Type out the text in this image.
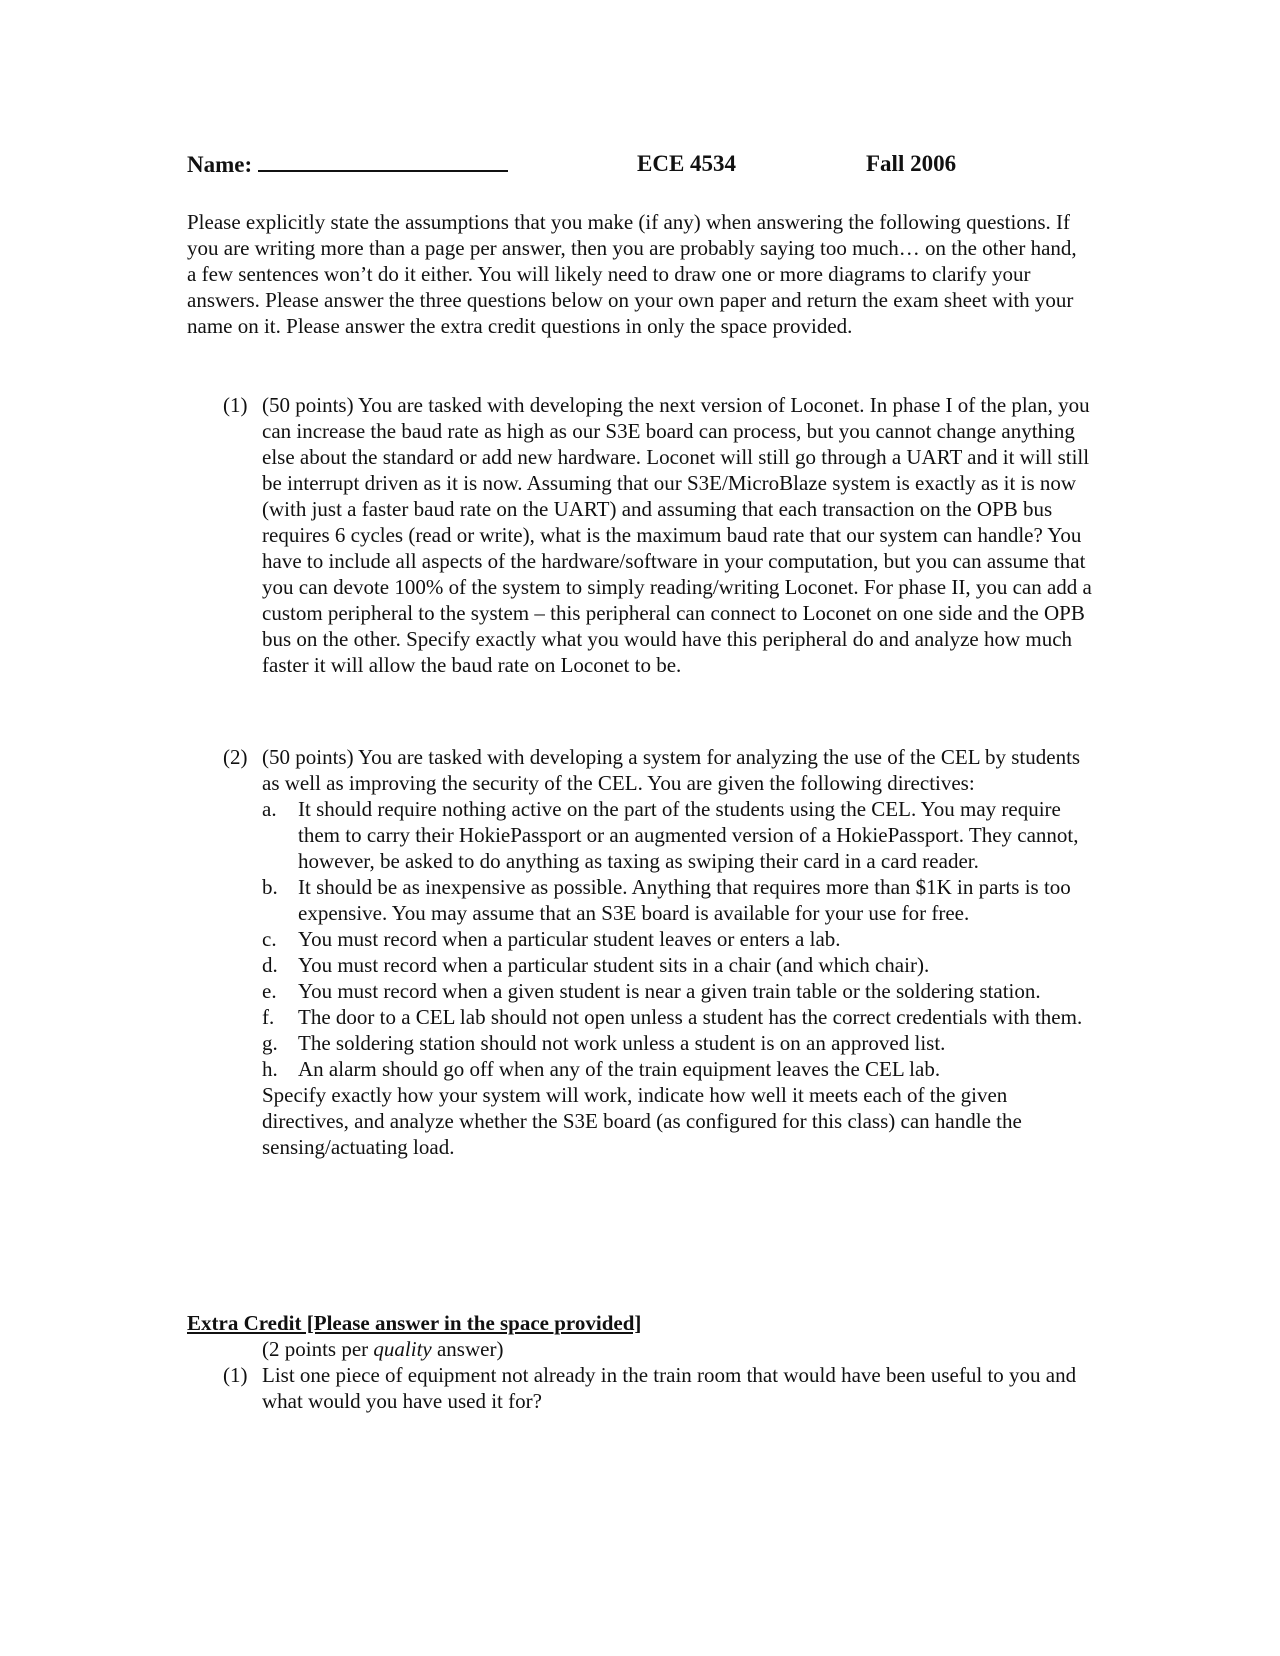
Name:	ECE 4534	Fall 2006

Please explicitly state the assumptions that you make (if any) when answering the following questions. If you are writing more than a page per answer, then you are probably saying too much… on the other hand, a few sentences won’t do it either. You will likely need to draw one or more diagrams to clarify your answers. Please answer the three questions below on your own paper and return the exam sheet with your name on it. Please answer the extra credit questions in only the space provided.

(1) (50 points) You are tasked with developing the next version of Loconet. In phase I of the plan, you can increase the baud rate as high as our S3E board can process, but you cannot change anything else about the standard or add new hardware. Loconet will still go through a UART and it will still be interrupt driven as it is now. Assuming that our S3E/MicroBlaze system is exactly as it is now (with just a faster baud rate on the UART) and assuming that each transaction on the OPB bus requires 6 cycles (read or write), what is the maximum baud rate that our system can handle? You have to include all aspects of the hardware/software in your computation, but you can assume that you can devote 100% of the system to simply reading/writing Loconet. For phase II, you can add a custom peripheral to the system – this peripheral can connect to Loconet on one side and the OPB bus on the other. Specify exactly what you would have this peripheral do and analyze how much faster it will allow the baud rate on Loconet to be.

(2) (50 points) You are tasked with developing a system for analyzing the use of the CEL by students as well as improving the security of the CEL. You are given the following directives:

a. It should require nothing active on the part of the students using the CEL. You may require them to carry their HokiePassport or an augmented version of a HokiePassport. They cannot, however, be asked to do anything as taxing as swiping their card in a card reader.

b. It should be as inexpensive as possible. Anything that requires more than $1K in parts is too expensive. You may assume that an S3E board is available for your use for free.

c. You must record when a particular student leaves or enters a lab.

d. You must record when a particular student sits in a chair (and which chair).

e. You must record when a given student is near a given train table or the soldering station.

f. The door to a CEL lab should not open unless a student has the correct credentials with them.

g. The soldering station should not work unless a student is on an approved list.

h. An alarm should go off when any of the train equipment leaves the CEL lab.

Specify exactly how your system will work, indicate how well it meets each of the given directives, and analyze whether the S3E board (as configured for this class) can handle the sensing/actuating load.

Extra Credit [Please answer in the space provided]
(2 points per quality answer)
(1) List one piece of equipment not already in the train room that would have been useful to you and what would you have used it for?
